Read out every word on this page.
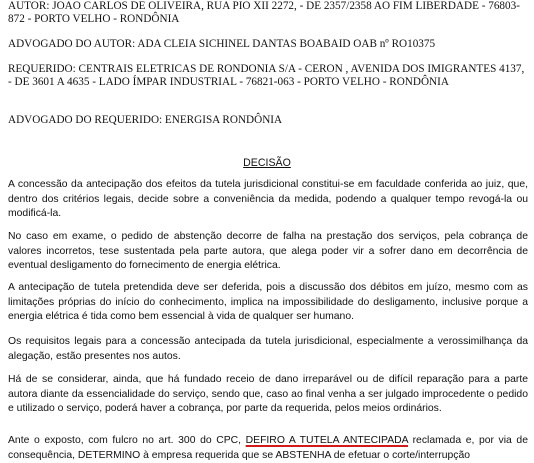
AUTOR: JOAO CARLOS DE OLIVEIRA, RUA PIO XII 2272, - DE 2357/2358 AO FIM LIBERDADE - 76803-872 - PORTO VELHO - RONDÔNIA

ADVOGADO DO AUTOR: ADA CLEIA SICHINEL DANTAS BOABAID OAB nº RO10375

REQUERIDO: CENTRAIS ELETRICAS DE RONDONIA S/A - CERON , AVENIDA DOS IMIGRANTES 4137, - DE 3601 A 4635 - LADO ÍMPAR INDUSTRIAL - 76821-063 - PORTO VELHO - RONDÔNIA

ADVOGADO DO REQUERIDO: ENERGISA RONDÔNIA

DECISÃO

A concessão da antecipação dos efeitos da tutela jurisdicional constitui-se em faculdade conferida ao juiz, que, dentro dos critérios legais, decide sobre a conveniência da medida, podendo a qualquer tempo revogá-la ou modificá-la.

No caso em exame, o pedido de abstenção decorre de falha na prestação dos serviços, pela cobrança de valores incorretos, tese sustentada pela parte autora, que alega poder vir a sofrer dano em decorrência de eventual desligamento do fornecimento de energia elétrica.

A antecipação de tutela pretendida deve ser deferida, pois a discussão dos débitos em juízo, mesmo com as limitações próprias do início do conhecimento, implica na impossibilidade do desligamento, inclusive porque a energia elétrica é tida como bem essencial à vida de qualquer ser humano.

Os requisitos legais para a concessão antecipada da tutela jurisdicional, especialmente a verossimilhança da alegação, estão presentes nos autos.

Há de se considerar, ainda, que há fundado receio de dano irreparável ou de difícil reparação para a parte autora diante da essencialidade do serviço, sendo que, caso ao final venha a ser julgado improcedente o pedido e utilizado o serviço, poderá haver a cobrança, por parte da requerida, pelos meios ordinários.

Ante o exposto, com fulcro no art. 300 do CPC, DEFIRO A TUTELA ANTECIPADA reclamada e, por via de consequência, DETERMINO à empresa requerida que se ABSTENHA de efetuar o corte/interrupção
